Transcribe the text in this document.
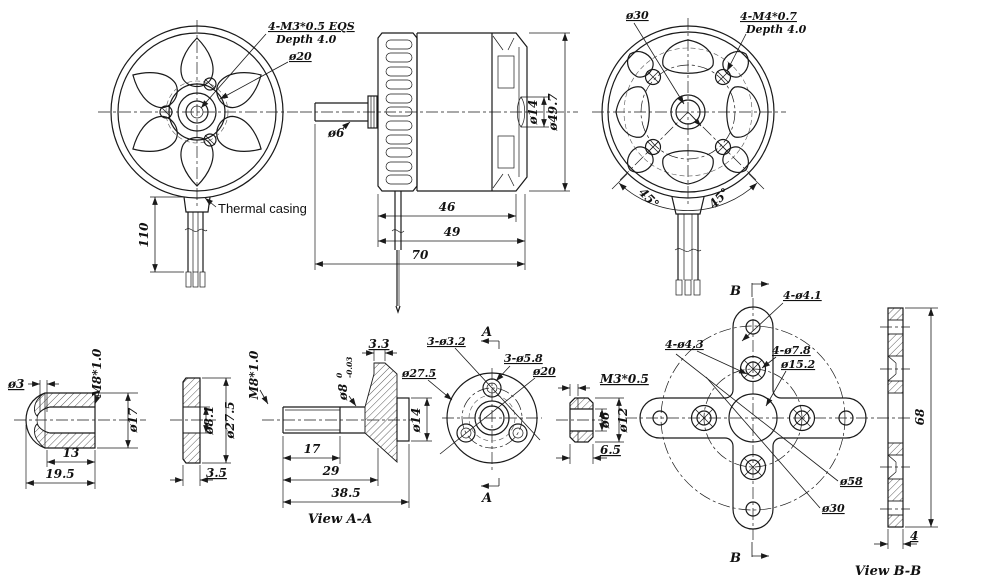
110
4-M3*0.5 EQS
Depth 4.0
ø20
Thermal casing
ø6
ø14 ø49.7
46
49
70
ø30	4-M4*0.7
Depth 4.0
45°	45°
ø3	M8*1.0
ø17
13
19.5
ø8.1 ø27.5
3.5
M8*1.0	ø8
0 -0.03
3.3
ø14
17
29
38.5
View A-A
3-ø3.2
3-ø5.8
ø20
ø27.5
A
A
M3*0.5
ø6 ø12
6.5
4-ø4.1
4-ø4.3	4-ø7.8
ø15.2
ø58
ø30
B
B
68
4
View B-B
